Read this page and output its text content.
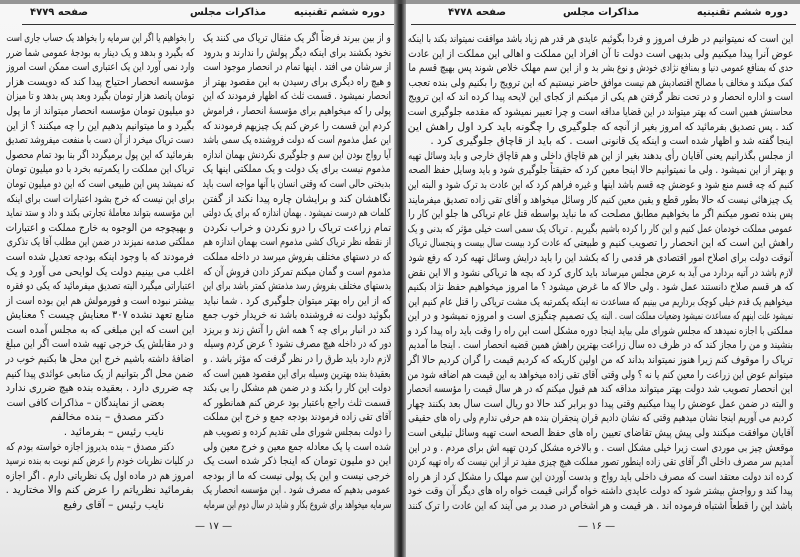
صفحه ۴۷۷۹	مذاکرات مجلس	دوره ششم تقنینیه
و از بین ببرند فرضاً اگر یک مثقال تریاک می کنند یک
نخود بکشند برای اینکه دیگر پولش را ندارند و بدرود
از سرشان می افتد . اینها تمام در انحصار موجود است
و هیچ راه دیگری برای رسیدن به این مقصود بهتر از
انحصار نمیشود . قسمت ثلث که اظهار فرمودند که این
پولی را که میخواهیم برای مؤسسهٔ انحصار ، فراموش
کردم این قسمت را عرض کنم یک چیزیهم فرمودند که
این عمل مذموم است که دولت فروشنده یک سمی باشد
آیا رواج بودن این سم و جلوگیری نکردنش بهمان اندازه
مذموم نیست برای یک دولت و یک مملکتی اینها یک
بدبختی حالی است که وقتی انسان با آنها مواجه است باید
نگاهشان کند و برایشان چاره پیدا نکند از گفتن
کلمات هم درست نمیشود . بهمان اندازه که برای یک دولتی
تمام زراعت تریاک را درو نکردن و خراب نکردن
از نقطه نظر تریاک کشی مذموم است بهمان اندازه هم
که در دستهای مختلف بفروش میرسد در داخله مملکت
مذموم است و گمان میکنم تمرکز دادن فروش آن که
بدستهای مختلف بفروش رسد مذمتش کمتر باشد برای این
که از این راه بهتر میتوان جلوگیری کرد . شما نباید
بگوئید دولت نه فروشنده باشد نه خریدار خوب جمع
کند در انبار برای چه ؟ همه اش را آتش زند و بریزد
دور که در داخله هیچ مصرف نشود ؟ عرض کردم وسیله
لازم دارد باید طرق را در نظر گرفت که مؤثر باشد . و
بعقیدهٔ بنده بهترین وسیله برای این مقصود همین است که
دولت این کار را بکند و در ضمن هم مشکل را بی بکند
قسمت ثلث راجع باعتبار بود عرض کنم همانطور که
آقای تقی زاده فرمودند بودجه جمع و خرج این مملکت
را دولت بمجلس شورای ملی تقدیم کرده و تصویب هم
شده است یا یک معادله جمع معین و خرج معین ولی
این دو ملیون تومان که اینجا ذکر شده است یک
خرجی نیست و این یک پولی نیست که ما از بودجه
عمومی بدهیم که مصرف شود . این مؤسسه انحصار یک
سرمایه میخواهد برای شروع بکار و شاید در سال دوم این سرمایه
را بخواهیم یا اگر این سرمایه را بخواهد یک حساب جاری است
که بگیرد و بدهد و یک دینار به بودجهٔ عمومی شما ضرر
وارد نمی آورد این یک اعتباری است ممکن است امروز
مؤسسه انحصار احتیاج پیدا کند که دویست هزار
تومان پانصد هزار تومان بگیرد وبعد پس بدهد و تا میزان
دو میلیون تومان مؤسسه انحصار میتواند از ما پول
بگیرد و ما میتوانیم بدهیم این را چه میکنند ؟ از این
دست تریاک میخرد از آن دست با منفعت میفروشد تصدیق
بفرمائید که این پول برمیگردد اگر بنا بود تمام محصول
تریاک این مملکت را یکمرتبه بخرد با دو میلیون تومان
که نمیشد پس این طبیعی است که این دو میلیون تومان
برای این نیست که خرج بشود اعتبارات است برای اینکه
این مؤسسه بتواند معاملهٔ تجارتی بکند و داد و ستد نماید
و بهیچوجه من الوجوه به خارج مملکت و اعتبارات
مملکتی صدمه نمیزند در ضمن این مطلب آقا یک تذکری
فرمودند که با وجود اینکه بودجه تعدیل شده است
اغلب می بینیم دولت یک لوایحی می آورد و یک
اعتباراتی میگیرد البته تصدیق میفرمائید که یکی دو فقره
بیشتر نبوده است و فورمولش هم این بوده است از
منابع تعهد نشده ۳۰۷ معنایش چیست ؟ معنایش
این است که این مبلغی که به مجلس آمده است
و در مقابلش یک خرجی تهیه شده است اگر این مبلغ
اضافهٔ داشته باشیم خرج این محل ها بکنیم خوب در
ضمن محل اگر بتوانیم از یک منابعی عوائدی پیدا کنیم
چه ضرری دارد . بعقیده بنده هیچ ضرری ندارد
بعضی از نمایندگان – مذاکرات کافی است
دکتر مصدق – بنده مخالفم
نایب رئیس – بفرمائید .
دکتر مصدق – بنده بدیروز اجازه خواسته بودم که
در کلیات نظریات خودم را عرض کنم نوبت به بنده نرسید
امروز هم در ماده اول یک نظریاتی دارم . اگر اجازه
بفرمائید نظریاتم را عرض کنم والا مختارید .
نایب رئیس – آقای رفیع
— ۱۷ —
صفحه ۴۷۷۸	مذاکرات مجلس	دوره ششم تقنینیه
این است که نمیتوانیم در ظرف امروز و فردا بگوئیم
عوض آنرا پیدا میکنیم ولی بدیهی است دولت تا آن
حدی که بمنافع عمومی دنیا و بمنافع نژادی خودش و نوع بشر
کمک میکند و مخالف با مصالح اقتصادیش هم نیست موافق
است و اداره انحصار و در تحت نظر گرفتن هم یکی از
محاسنش همین است که بهتر میتواند در این قضایا مداقه
کند . پس تصدیق بفرمائید که امروز بغیر از آنچه که
اینجا گفته شد و اظهار شده است و اینکه یک قانونی
از مجلس بگذرانیم یعنی آقایان رأی بدهند بغیر از این
و بهتر از این نمیشود . ولی ما نمیتوانیم حالا اینجا معین
کنیم که چه قسم منع شود و عوضش چه قسم باشد اینها
یک چیزهائی نیست که حالا بطور قطع و یقین معین کنیم
پس بنده تصور میکنم اگر ما بخواهیم مطابق مصلحت
عمومی مملکت خودمان عمل کنیم و این کار را کرده باشیم
راهش این است که این انحصار را تصویب کنیم و
آنوقت دولت برای اصلاح امور اقتصادی هر قدمی را که
لازم باشد در آتیه بردارد می آید به عرض مجلس میرساند
که هر قسم صلاح دانستند عمل شود . ولی حالا که ما
میخواهیم یک قدم خیلی کوچک برداریم می بینیم که مساعدت
نمیشود علت اینهم که مساعدت نمیشود وضعیات مملکت است . البته
مملکتی با اجازه نمیدهد که مجلس شورای ملی بیاید اینجا
بنشیند و من را مجاز کند که در ظرف ده سال زراعت
تریاک را موقوف کنم زیرا هنوز نمیتواند بداند که من
میتوانم عوض این زراعت را معین کنم یا نه ؟ ولی وقتی
این انحصار تصویب شد دولت بهتر میتواند مداقه کند
و البته در ضمن عمل عوضش را پیدا میکنیم وقتی پیدا
کردیم می آوریم اینجا نشان میدهیم وقتی که نشان دادیم
آقایان موافقت میکنند ولی پیش پیش تقاضای تعیین
موقعش چیز بی موردی است زیرا خیلی مشکل است .
آمدیم سر مصرف داخلی اگر آقای تقی زاده اینطور تصور
کرده اند دولت معتقد است که مصرف داخلی باید رواج
پیدا کند و رواجش بیشتر شود که دولت عایدی داشته
باشد این را قطعاً اشتباه فرموده اند . هر قیمت و هر
عایدی هر قدر هم زیاد باشد موافقت نمیتواند بکند با اینکه
افراد این مملکت و اهالی این مملکت از این عادت
بد و از این سم مهلک خلاص شوند پس بهیچ قسم ما
حاضر نیستیم که این ترویج را بکنیم ولی بنده تعجب
میکنم از کجای این لایحه پیدا کرده اند که این ترویج
است و چرا تعبیر نمیشود که مقدمه جلوگیری است
جلوگیری را چگونه باید کرد اول راهش این
است . که باید از قاچاق جلوگیری کرد .
هم قاچاق داخلی و هم قاچاق خارجی و باید وسائل تهیه
کرد که حقیقتاً جلوگیری شود و باید وسایل حفظ الصحه
و غیره فراهم کرد که این عادت بد ترک شود و البته این
کار وسائل میخواهد و آقای تقی زاده تصدیق میفرمایند
که ما نباید بواسطه قتل عام تریاکی ها جلو این کار را
بگیریم . تریاک یک سمی است خیلی مؤثر که بدنی و یک
طبیعتی که عادت کرد بیست سال بیست و پنجسال تریاک
بکشد این را باید درایش وسائل تهیه کرد که رفع شود
باید کاری کرد که بچه ها تریاکی نشود و الا این نقض
غرض میشود ؟ ما امروز میخواهیم حفظ نژاد بکنیم
نه اینکه یکمرتبه یک مشت تریاکی را قتل عام کنیم این
یک تصمیم چنگیزی است و امروزه نمیشود و در این
دوره مشکل است این راه را وقت باید راه پیدا کرد و
بهترین راهش همین قضیه انحصار است . اینجا ما آمدیم
اولین کاریکه که کردیم قیمت را گران کردیم حالا اگر
آقای تقی زاده میخواهد به این قیمت هم اضافه شود من
هم قبول میکنم که در هر سال قیمت را مؤسسه انحصار
دو برابر کند حالا دو ریال است سال بعد بکنند چهار
قران پنجقران بنده هم حرفی ندارم ولی راه های حقیقی
راه های حفظ الصحه است تهیه وسائل تبلیغی است
و بالاخره مشکل کردن تهیه اش برای مردم . و در این
مملکت هیچ چیزی مفید تر از این نیست که راه تهیه کردن
و بدست آوردن این سم مهلک را مشکل کرد از هر راه
خواه گرانی قیمت خواه راه های دیگر آن وقت خود
اشخاص در صدد بر می آیند که این عادت را ترک کنند
— ۱۶ —
